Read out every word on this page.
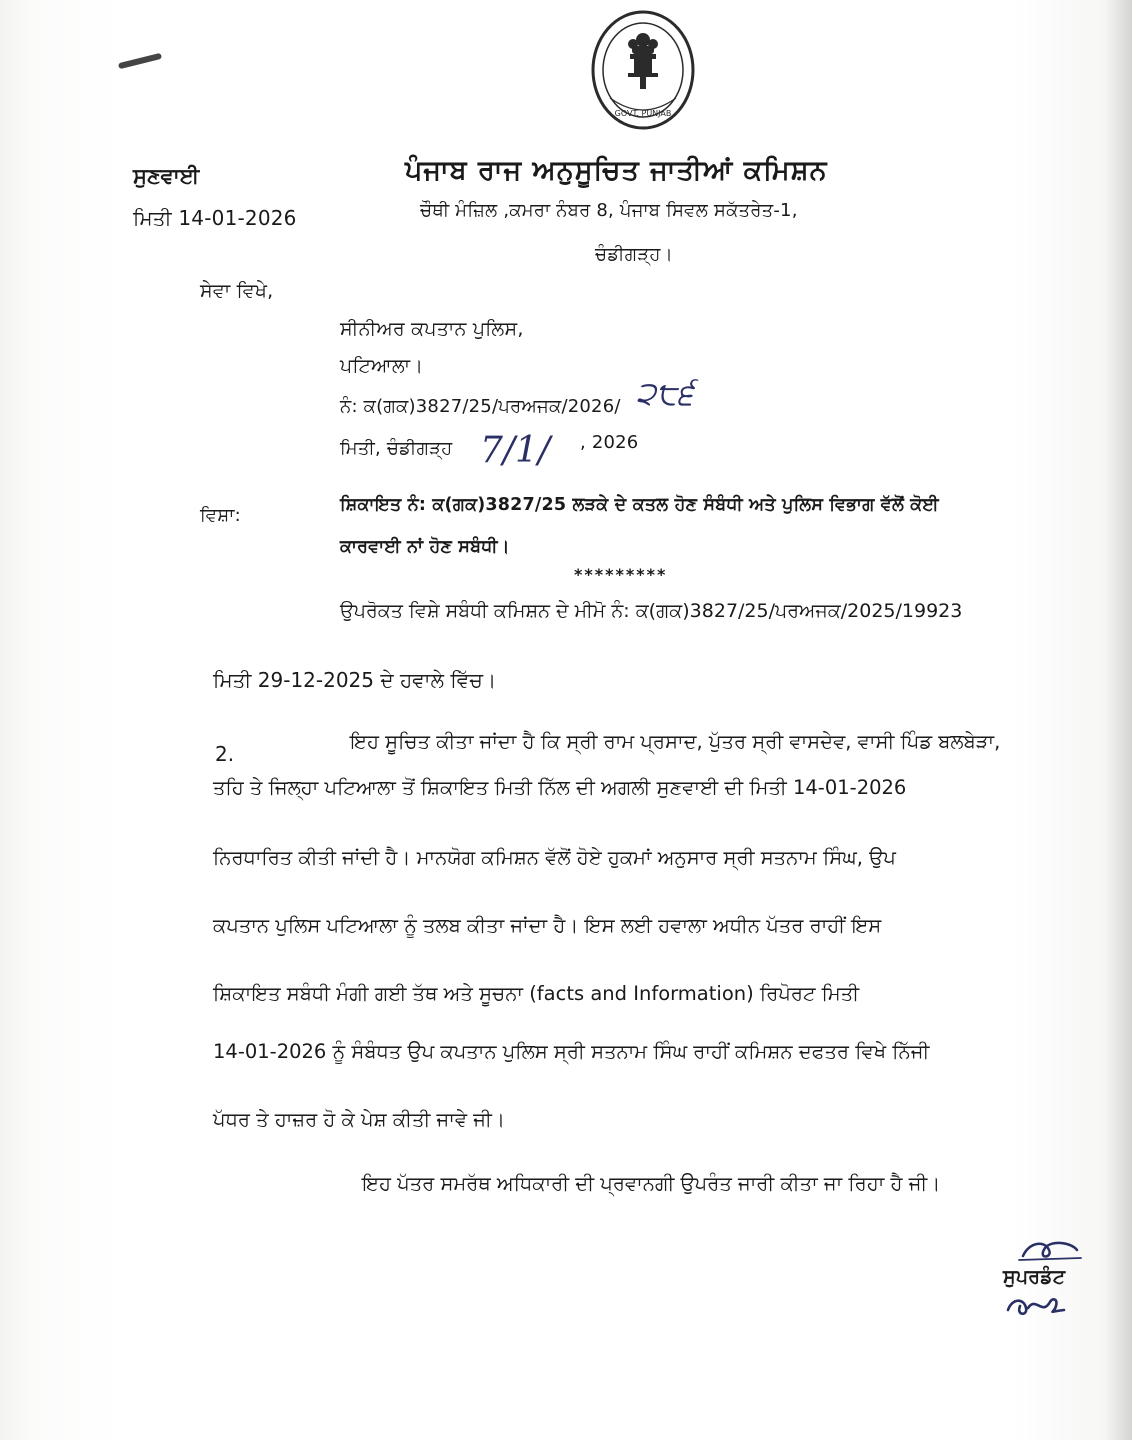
GOVT. PUNJAB
ਸੁਣਵਾਈ
ਮਿਤੀ 14-01-2026
ਪੰਜਾਬ ਰਾਜ ਅਨੁਸੂਚਿਤ ਜਾਤੀਆਂ ਕਮਿਸ਼ਨ
ਚੌਥੀ ਮੰਜ਼ਿਲ ,ਕਮਰਾ ਨੰਬਰ 8, ਪੰਜਾਬ ਸਿਵਲ ਸਕੱਤਰੇਤ-1,
ਚੰਡੀਗੜ੍ਹ।
ਸੇਵਾ ਵਿਖੇ,
ਸੀਨੀਅਰ ਕਪਤਾਨ ਪੁਲਿਸ,
ਪਟਿਆਲਾ।
ਨੰ: ਕ(ਗਕ)3827/25/ਪਰਅਜਕ/2026/ ੨੮੬
ਮਿਤੀ, ਚੰਡੀਗੜ੍ਹ 7/1/ , 2026
ਵਿਸ਼ਾ:	ਸ਼ਿਕਾਇਤ ਨੰ: ਕ(ਗਕ)3827/25 ਲੜਕੇ ਦੇ ਕਤਲ ਹੋਣ ਸੰਬੰਧੀ ਅਤੇ ਪੁਲਿਸ ਵਿਭਾਗ ਵੱਲੋਂ ਕੋਈ
ਕਾਰਵਾਈ ਨਾਂ ਹੋਣ ਸਬੰਧੀ।
*********
ਉਪਰੋਕਤ ਵਿਸ਼ੇ ਸਬੰਧੀ ਕਮਿਸ਼ਨ ਦੇ ਮੀਮੋ ਨੰ: ਕ(ਗਕ)3827/25/ਪਰਅਜਕ/2025/19923
ਮਿਤੀ 29-12-2025 ਦੇ ਹਵਾਲੇ ਵਿੱਚ।
2.
ਇਹ ਸੂਚਿਤ ਕੀਤਾ ਜਾਂਦਾ ਹੈ ਕਿ ਸ੍ਰੀ ਰਾਮ ਪ੍ਰਸਾਦ, ਪੁੱਤਰ ਸ੍ਰੀ ਵਾਸਦੇਵ, ਵਾਸੀ ਪਿੰਡ ਬਲਬੇੜਾ,
ਤਹਿ ਤੇ ਜਿਲ੍ਹਾ ਪਟਿਆਲਾ ਤੋਂ ਸ਼ਿਕਾਇਤ ਮਿਤੀ ਨਿੱਲ ਦੀ ਅਗਲੀ ਸੁਣਵਾਈ ਦੀ ਮਿਤੀ 14-01-2026
ਨਿਰਧਾਰਿਤ ਕੀਤੀ ਜਾਂਦੀ ਹੈ। ਮਾਨਯੋਗ ਕਮਿਸ਼ਨ ਵੱਲੋਂ ਹੋਏ ਹੁਕਮਾਂ ਅਨੁਸਾਰ ਸ੍ਰੀ ਸਤਨਾਮ ਸਿੰਘ, ਉਪ
ਕਪਤਾਨ ਪੁਲਿਸ ਪਟਿਆਲਾ ਨੂੰ ਤਲਬ ਕੀਤਾ ਜਾਂਦਾ ਹੈ। ਇਸ ਲਈ ਹਵਾਲਾ ਅਧੀਨ ਪੱਤਰ ਰਾਹੀਂ ਇਸ
ਸ਼ਿਕਾਇਤ ਸਬੰਧੀ ਮੰਗੀ ਗਈ ਤੱਥ ਅਤੇ ਸੂਚਨਾ (facts and Information) ਰਿਪੋਰਟ ਮਿਤੀ
14-01-2026 ਨੂੰ ਸੰਬੰਧਤ ਉਪ ਕਪਤਾਨ ਪੁਲਿਸ ਸ੍ਰੀ ਸਤਨਾਮ ਸਿੰਘ ਰਾਹੀਂ ਕਮਿਸ਼ਨ ਦਫਤਰ ਵਿਖੇ ਨਿੱਜੀ
ਪੱਧਰ ਤੇ ਹਾਜ਼ਰ ਹੋ ਕੇ ਪੇਸ਼ ਕੀਤੀ ਜਾਵੇ ਜੀ।
ਇਹ ਪੱਤਰ ਸਮਰੱਥ ਅਧਿਕਾਰੀ ਦੀ ਪ੍ਰਵਾਨਗੀ ਉਪਰੰਤ ਜਾਰੀ ਕੀਤਾ ਜਾ ਰਿਹਾ ਹੈ ਜੀ।
ਸੁਪਰਡੰਟ
